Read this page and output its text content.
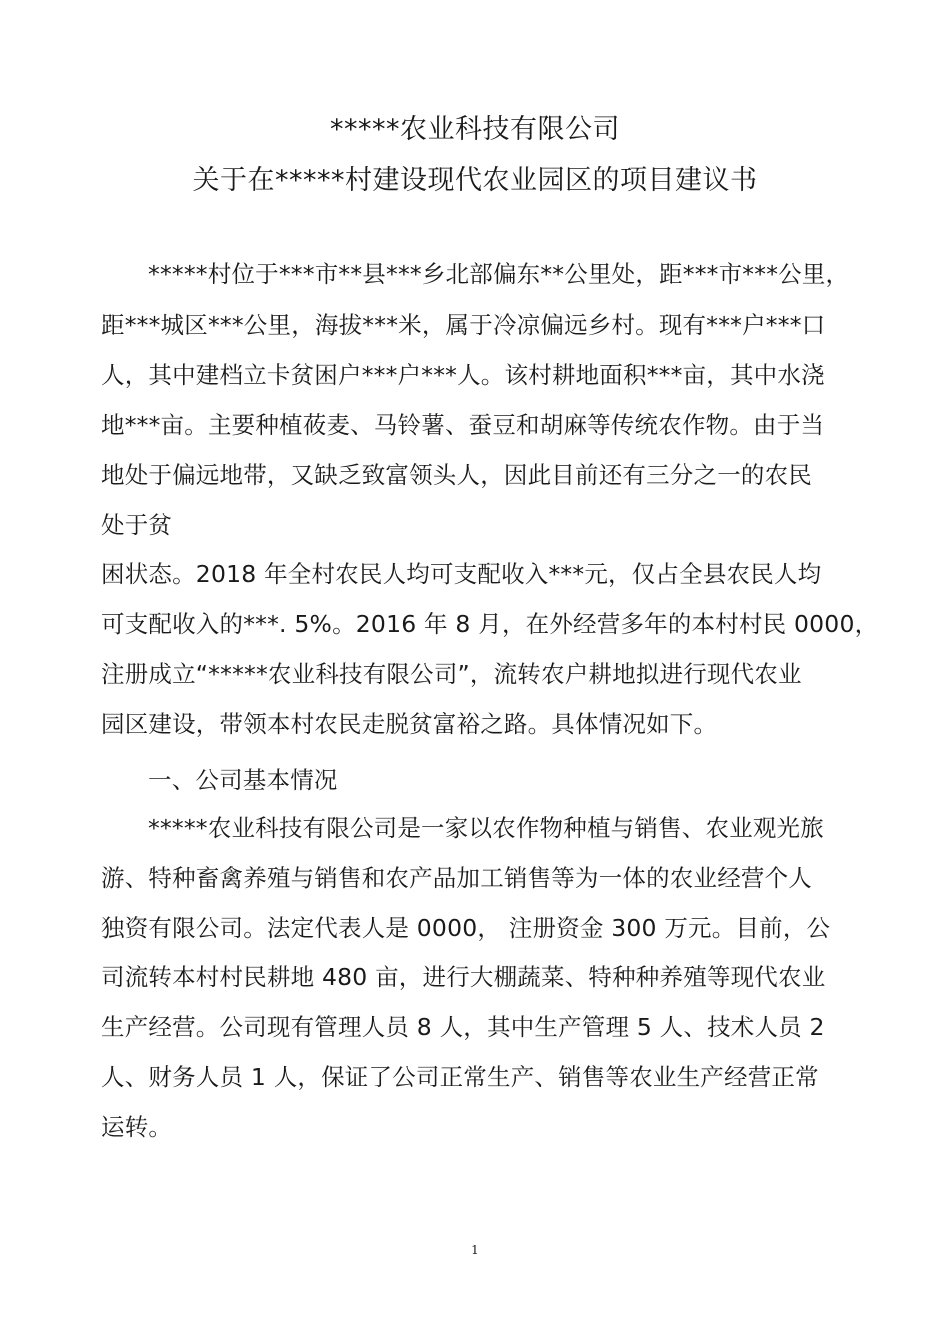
*****农业科技有限公司
关于在*****村建设现代农业园区的项目建议书
*****村位于***市**县***乡北部偏东**公里处，距***市***公里，
距***城区***公里，海拔***米，属于冷凉偏远乡村。现有***户***口
人，其中建档立卡贫困户***户***人。该村耕地面积***亩，其中水浇
地***亩。主要种植莜麦、马铃薯、蚕豆和胡麻等传统农作物。由于当
地处于偏远地带，又缺乏致富领头人，因此目前还有三分之一的农民
处于贫
困状态。2018 年全村农民人均可支配收入***元，仅占全县农民人均
可支配收入的***. 5%。2016 年 8 月，在外经营多年的本村村民 0000，
注册成立“*****农业科技有限公司”，流转农户耕地拟进行现代农业
园区建设，带领本村农民走脱贫富裕之路。具体情况如下。
一、公司基本情况
*****农业科技有限公司是一家以农作物种植与销售、农业观光旅
游、特种畜禽养殖与销售和农产品加工销售等为一体的农业经营个人
独资有限公司。法定代表人是 0000， 注册资金 300 万元。目前，公
司流转本村村民耕地 480 亩，进行大棚蔬菜、特种种养殖等现代农业
生产经营。公司现有管理人员 8 人，其中生产管理 5 人、技术人员 2
人、财务人员 1 人，保证了公司正常生产、销售等农业生产经营正常
运转。
1
